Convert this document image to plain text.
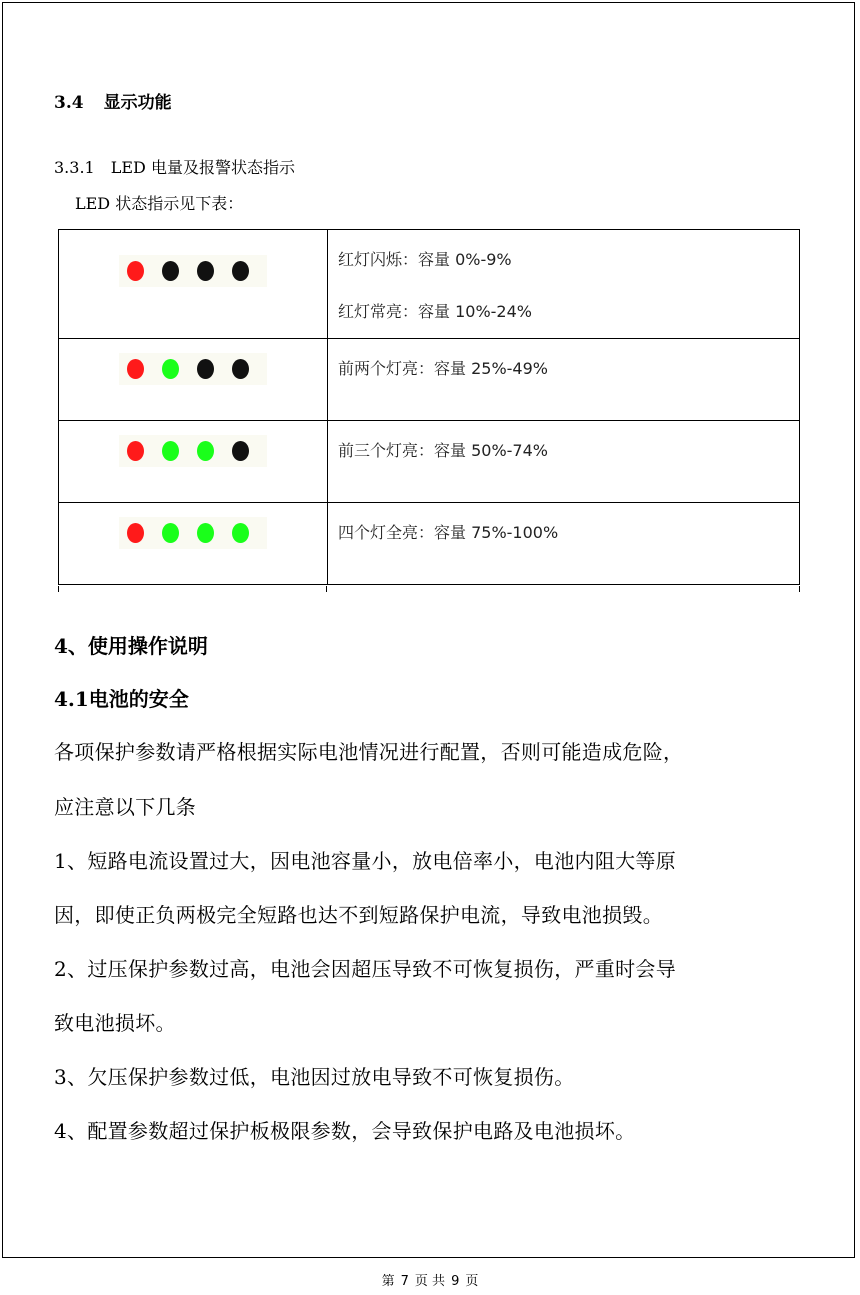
3.4 显示功能
3.3.1 LED 电量及报警状态指示
LED 状态指示见下表：

	红灯闪烁：容量 0%-9%
红灯常亮：容量 10%-24%

	前两个灯亮：容量 25%-49%

	前三个灯亮：容量 50%-74%

	四个灯全亮：容量 75%-100%
4、使用操作说明
4.1电池的安全
各项保护参数请严格根据实际电池情况进行配置，否则可能造成危险，
应注意以下几条
1、短路电流设置过大，因电池容量小，放电倍率小，电池内阻大等原
因，即使正负两极完全短路也达不到短路保护电流，导致电池损毁。
2、过压保护参数过高，电池会因超压导致不可恢复损伤，严重时会导
致电池损坏。
3、欠压保护参数过低，电池因过放电导致不可恢复损伤。
4、配置参数超过保护板极限参数，会导致保护电路及电池损坏。
第 7 页 共 9 页
